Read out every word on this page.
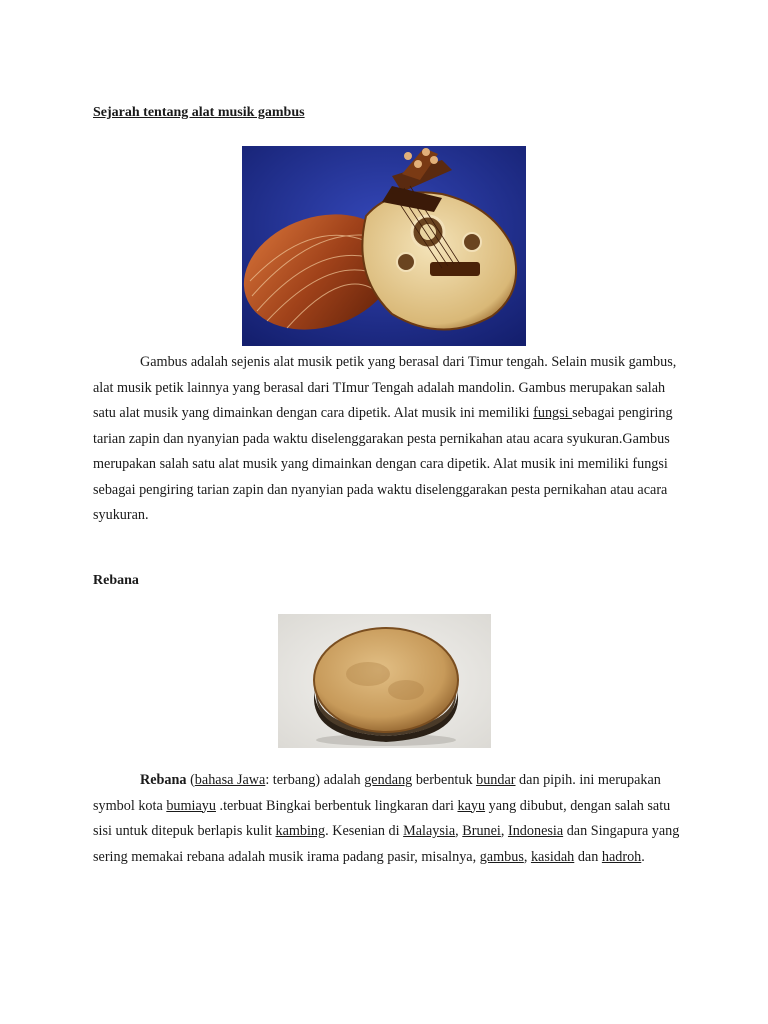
Sejarah tentang alat musik gambus

Gambus adalah sejenis alat musik petik yang berasal dari Timur tengah. Selain musik gambus, alat musik petik lainnya yang berasal dari TImur Tengah adalah mandolin. Gambus merupakan salah satu alat musik yang dimainkan dengan cara dipetik. Alat musik ini memiliki fungsi sebagai pengiring tarian zapin dan nyanyian pada waktu diselenggarakan pesta pernikahan atau acara syukuran.Gambus merupakan salah satu alat musik yang dimainkan dengan cara dipetik. Alat musik ini memiliki fungsi sebagai pengiring tarian zapin dan nyanyian pada waktu diselenggarakan pesta pernikahan atau acara syukuran.

Rebana

Rebana (bahasa Jawa: terbang) adalah gendang berbentuk bundar dan pipih. ini merupakan symbol kota bumiayu .terbuat Bingkai berbentuk lingkaran dari kayu yang dibubut, dengan salah satu sisi untuk ditepuk berlapis kulit kambing. Kesenian di Malaysia, Brunei, Indonesia dan Singapura yang sering memakai rebana adalah musik irama padang pasir, misalnya, gambus, kasidah dan hadroh.
